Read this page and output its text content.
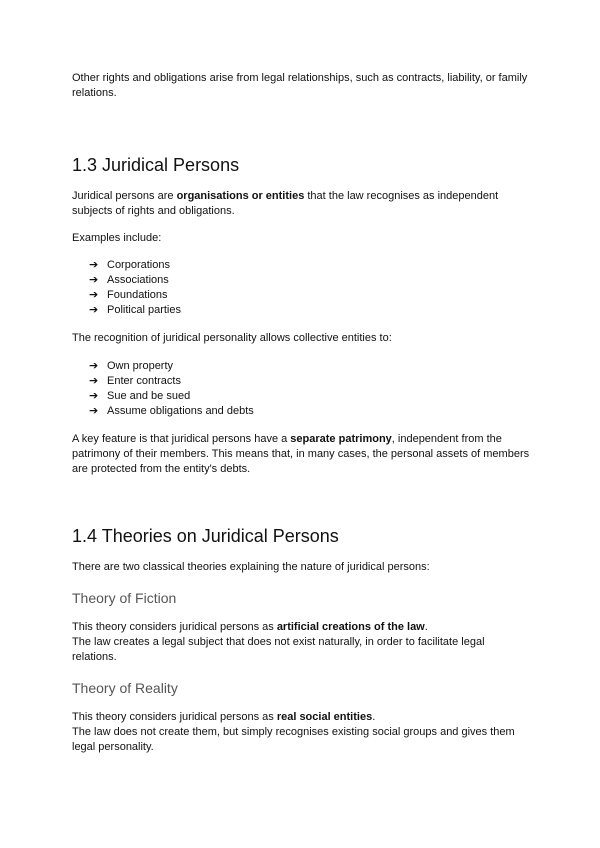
Other rights and obligations arise from legal relationships, such as contracts, liability, or family relations.

1.3 Juridical Persons

Juridical persons are organisations or entities that the law recognises as independent subjects of rights and obligations.

Examples include:

➔ Corporations
➔ Associations
➔ Foundations
➔ Political parties

The recognition of juridical personality allows collective entities to:

➔ Own property
➔ Enter contracts
➔ Sue and be sued
➔ Assume obligations and debts

A key feature is that juridical persons have a separate patrimony, independent from the patrimony of their members. This means that, in many cases, the personal assets of members are protected from the entity's debts.

1.4 Theories on Juridical Persons

There are two classical theories explaining the nature of juridical persons:

Theory of Fiction

This theory considers juridical persons as artificial creations of the law.
The law creates a legal subject that does not exist naturally, in order to facilitate legal relations.

Theory of Reality

This theory considers juridical persons as real social entities.
The law does not create them, but simply recognises existing social groups and gives them legal personality.
